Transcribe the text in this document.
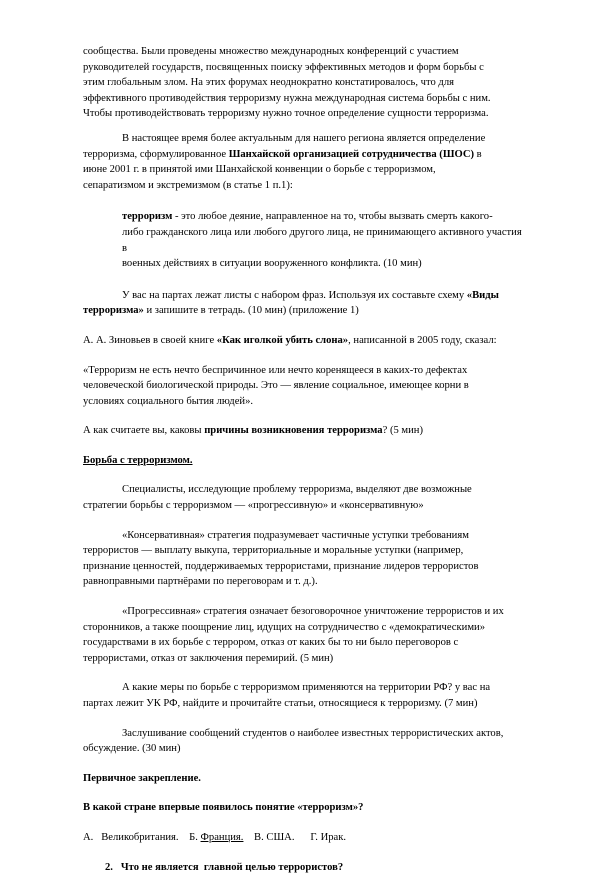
сообщества. Были проведены множество международных конференций с участием
руководителей государств, посвященных поиску эффективных методов и форм борьбы с
этим глобальным злом. На этих форумах неоднократно констатировалось, что для
эффективного противодействия терроризму нужна международная система борьбы с ним.
Чтобы противодействовать терроризму нужно точное определение сущности терроризма.

В настоящее время более актуальным для нашего региона является определение
терроризма, сформулированное Шанхайской организацией сотрудничества (ШОС) в
июне 2001 г. в принятой ими Шанхайской конвенции о борьбе с терроризмом,
сепаратизмом и экстремизмом (в статье 1 п.1):

терроризм - это любое деяние, направленное на то, чтобы вызвать смерть какого-
либо гражданского лица или любого другого лица, не принимающего активного участия в
военных действиях в ситуации вооруженного конфликта. (10 мин)

У вас на партах лежат листы с набором фраз. Используя их составьте схему «Виды
терроризма» и запишите в тетрадь. (10 мин) (приложение 1)

А. А. Зиновьев в своей книге «Как иголкой убить слона», написанной в 2005 году, сказал:

«Терроризм не есть нечто беспричинное или нечто коренящееся в каких-то дефектах
человеческой биологической природы. Это — явление социальное, имеющее корни в
условиях социального бытия людей».

А как считаете вы, каковы причины возникновения терроризма? (5 мин)

Борьба с терроризмом.

Специалисты, исследующие проблему терроризма, выделяют две возможные
стратегии борьбы с терроризмом — «прогрессивную» и «консервативную»

«Консервативная» стратегия подразумевает частичные уступки требованиям
террористов — выплату выкупа, территориальные и моральные уступки (например,
признание ценностей, поддерживаемых террористами, признание лидеров террористов
равноправными партнёрами по переговорам и т. д.).

«Прогрессивная» стратегия означает безоговорочное уничтожение террористов и их
сторонников, а также поощрение лиц, идущих на сотрудничество с «демократическими»
государствами в их борьбе с террором, отказ от каких бы то ни было переговоров с
террористами, отказ от заключения перемирий. (5 мин)

А какие меры по борьбе с терроризмом применяются на территории РФ? у вас на
партах лежит УК РФ, найдите и прочитайте статьи, относящиеся к терроризму. (7 мин)

Заслушивание сообщений студентов о наиболее известных террористических актов,
обсуждение. (30 мин)

Первичное закрепление.

В какой стране впервые появилось понятие «терроризм»?

А.   Великобритания. Б. Франция. В. США.      Г. Ирак.

2.   Что не является  главной целью террористов?
